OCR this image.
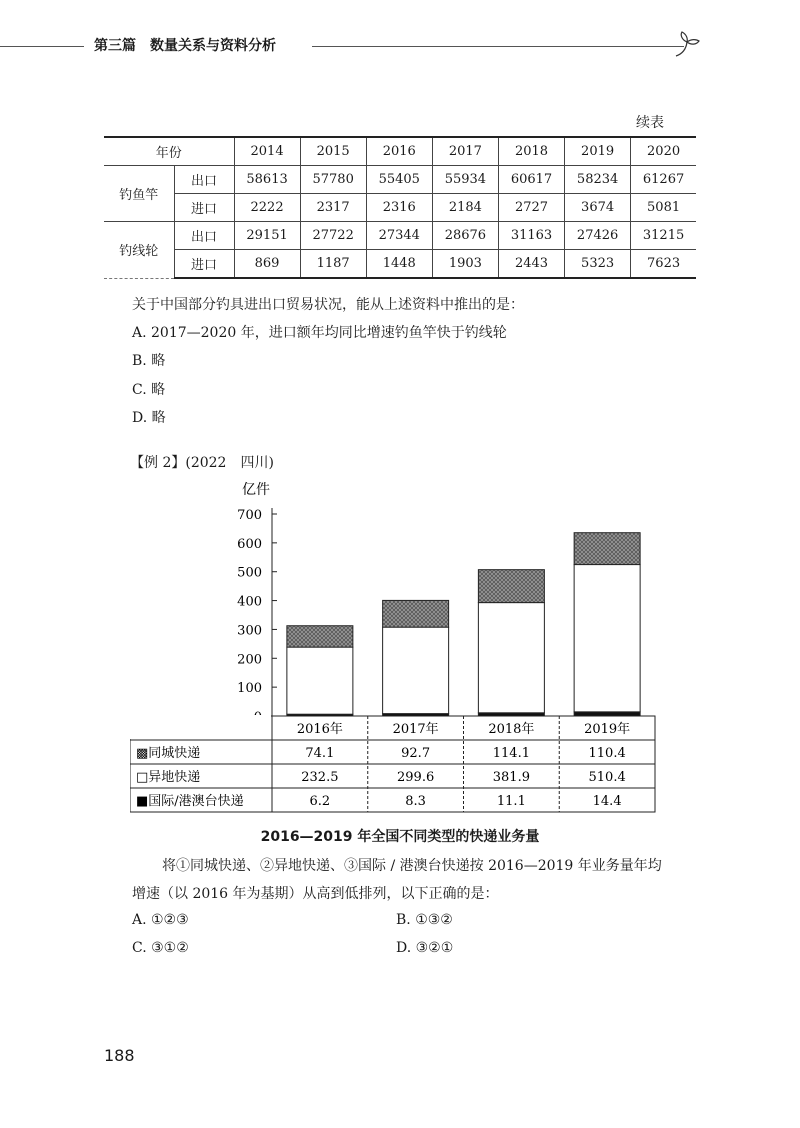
第三篇　数量关系与资料分析
续表
年份		2014	2015	2016	2017	2018	2019	2020
钓鱼竿	出口	58613	57780	55405	55934	60617	58234	61267
	进口	2222	2317	2316	2184	2727	3674	5081
钓线轮	出口	29151	27722	27344	28676	31163	27426	31215
	进口	869	1187	1448	1903	2443	5323	7623
关于中国部分钓具进出口贸易状况，能从上述资料中推出的是：
A. 2017—2020 年，进口额年均同比增速钓鱼竿快于钓线轮
B. 略
C. 略
D. 略
【例 2】(2022　四川)
亿件
100
200
300
400
500
600
700
2016年	2017年	2018年	2019年
▩同城快递	74.1	92.7	114.1	110.4
□异地快递	232.5	299.6	381.9	510.4
■国际/港澳台快递	6.2	8.3	11.1	14.4
2016—2019 年全国不同类型的快递业务量
将①同城快递、②异地快递、③国际 / 港澳台快递按 2016—2019 年业务量年均
增速（以 2016 年为基期）从高到低排列，以下正确的是：
A. ①②③	B. ①③②
C. ③①②	D. ③②①
188
